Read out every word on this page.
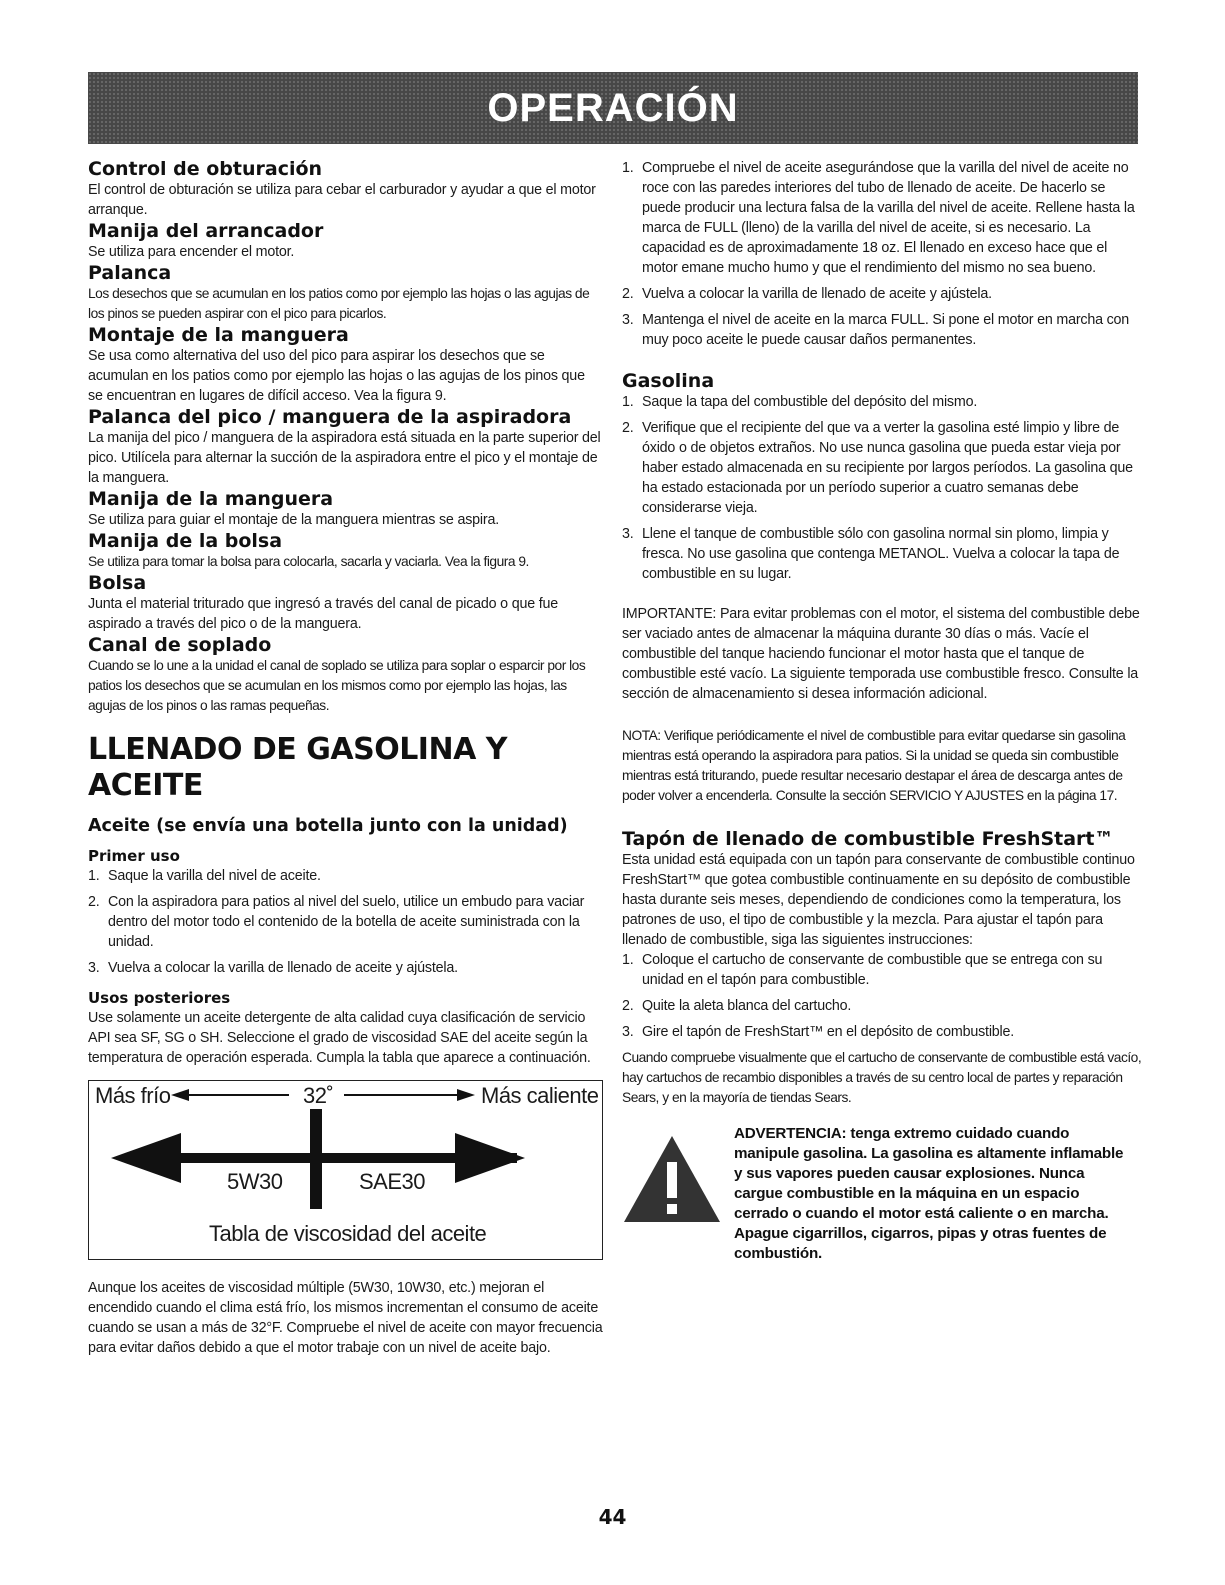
OPERACIÓN
Control de obturación

El control de obturación se utiliza para cebar el carburador y ayudar a que el motor arranque.

Manija del arrancador

Se utiliza para encender el motor.

Palanca

Los desechos que se acumulan en los patios como por ejemplo las hojas o las agujas de los pinos se pueden aspirar con el pico para picarlos.

Montaje de la manguera

Se usa como alternativa del uso del pico para aspirar los desechos que se acumulan en los patios como por ejemplo las hojas o las agujas de los pinos que se encuentran en lugares de difícil acceso. Vea la figura 9.

Palanca del pico / manguera de la aspiradora

La manija del pico / manguera de la aspiradora está situada en la parte superior del pico. Utilícela para alternar la succión de la aspiradora entre el pico y el montaje de la manguera.

Manija de la manguera

Se utiliza para guiar el montaje de la manguera mientras se aspira.

Manija de la bolsa

Se utiliza para tomar la bolsa para colocarla, sacarla y vaciarla. Vea la figura 9.

Bolsa

Junta el material triturado que ingresó a través del canal de picado o que fue aspirado a través del pico o de la manguera.

Canal de soplado

Cuando se lo une a la unidad el canal de soplado se utiliza para soplar o esparcir por los patios los desechos que se acumulan en los mismos como por ejemplo las hojas, las agujas de los pinos o las ramas pequeñas.

LLENADO DE GASOLINA Y ACEITE
Aceite (se envía una botella junto con la unidad)
Primer uso
1. Saque la varilla del nivel de aceite.
2. Con la aspiradora para patios al nivel del suelo, utilice un embudo para vaciar dentro del motor todo el contenido de la botella de aceite suministrada con la unidad.
3. Vuelva a colocar la varilla de llenado de aceite y ajústela.
Usos posteriores

Use solamente un aceite detergente de alta calidad cuya clasificación de servicio API sea SF, SG o SH. Seleccione el grado de viscosidad SAE del aceite según la temperatura de operación esperada. Cumpla la tabla que aparece a continuación.

Más frío	32˚	Más caliente
5W30	SAE30
Tabla de viscosidad del aceite

Aunque los aceites de viscosidad múltiple (5W30, 10W30, etc.) mejoran el encendido cuando el clima está frío, los mismos incrementan el consumo de aceite cuando se usan a más de 32°F. Compruebe el nivel de aceite con mayor frecuencia para evitar daños debido a que el motor trabaje con un nivel de aceite bajo.

1. Compruebe el nivel de aceite asegurándose que la varilla del nivel de aceite no roce con las paredes interiores del tubo de llenado de aceite. De hacerlo se puede producir una lectura falsa de la varilla del nivel de aceite. Rellene hasta la marca de FULL (lleno) de la varilla del nivel de aceite, si es necesario. La capacidad es de aproximadamente 18 oz. El llenado en exceso hace que el motor emane mucho humo y que el rendimiento del mismo no sea bueno.
2. Vuelva a colocar la varilla de llenado de aceite y ajústela.
3. Mantenga el nivel de aceite en la marca FULL. Si pone el motor en marcha con muy poco aceite le puede causar daños permanentes.
Gasolina
1. Saque la tapa del combustible del depósito del mismo.
2. Verifique que el recipiente del que va a verter la gasolina esté limpio y libre de óxido o de objetos extraños. No use nunca gasolina que pueda estar vieja por haber estado almacenada en su recipiente por largos períodos. La gasolina que ha estado estacionada por un período superior a cuatro semanas debe considerarse vieja.
3. Llene el tanque de combustible sólo con gasolina normal sin plomo, limpia y fresca. No use gasolina que contenga METANOL. Vuelva a colocar la tapa de combustible en su lugar.

IMPORTANTE: Para evitar problemas con el motor, el sistema del combustible debe ser vaciado antes de almacenar la máquina durante 30 días o más. Vacíe el combustible del tanque haciendo funcionar el motor hasta que el tanque de combustible esté vacío. La siguiente temporada use combustible fresco. Consulte la sección de almacenamiento si desea información adicional.

NOTA: Verifique periódicamente el nivel de combustible para evitar quedarse sin gasolina mientras está operando la aspiradora para patios. Si la unidad se queda sin combustible mientras está triturando, puede resultar necesario destapar el área de descarga antes de poder volver a encenderla. Consulte la sección SERVICIO Y AJUSTES en la página 17.

Tapón de llenado de combustible FreshStart™

Esta unidad está equipada con un tapón para conservante de combustible continuo FreshStart™ que gotea combustible continuamente en su depósito de combustible hasta durante seis meses, dependiendo de condiciones como la temperatura, los patrones de uso, el tipo de combustible y la mezcla. Para ajustar el tapón para llenado de combustible, siga las siguientes instrucciones:

1. Coloque el cartucho de conservante de combustible que se entrega con su unidad en el tapón para combustible.
2. Quite la aleta blanca del cartucho.
3. Gire el tapón de FreshStart™ en el depósito de combustible.

Cuando compruebe visualmente que el cartucho de conservante de combustible está vacío, hay cartuchos de recambio disponibles a través de su centro local de partes y reparación Sears, y en la mayoría de tiendas Sears.

ADVERTENCIA: tenga extremo cuidado cuando manipule gasolina. La gasolina es altamente inflamable y sus vapores pueden causar explosiones. Nunca cargue combustible en la máquina en un espacio cerrado o cuando el motor está caliente o en marcha. Apague cigarrillos, cigarros, pipas y otras fuentes de combustión.

44
